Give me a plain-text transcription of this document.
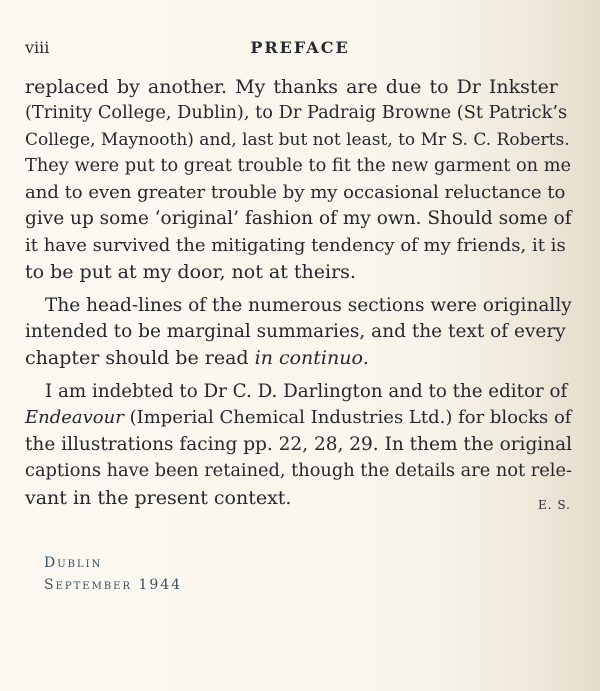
viii	PREFACE
replaced by another. My thanks are due to Dr Inkster
(Trinity College, Dublin), to Dr Padraig Browne (St Patrick’s
College, Maynooth) and, last but not least, to Mr S. C. Roberts.
They were put to great trouble to fit the new garment on me
and to even greater trouble by my occasional reluctance to
give up some ‘original’ fashion of my own. Should some of
it have survived the mitigating tendency of my friends, it is
to be put at my door, not at theirs.
The head-lines of the numerous sections were originally
intended to be marginal summaries, and the text of every
chapter should be read in continuo.
I am indebted to Dr C. D. Darlington and to the editor of
Endeavour (Imperial Chemical Industries Ltd.) for blocks of
the illustrations facing pp. 22, 28, 29. In them the original
captions have been retained, though the details are not rele-
vant in the present context.	E. S.
Dublin
September 1944
